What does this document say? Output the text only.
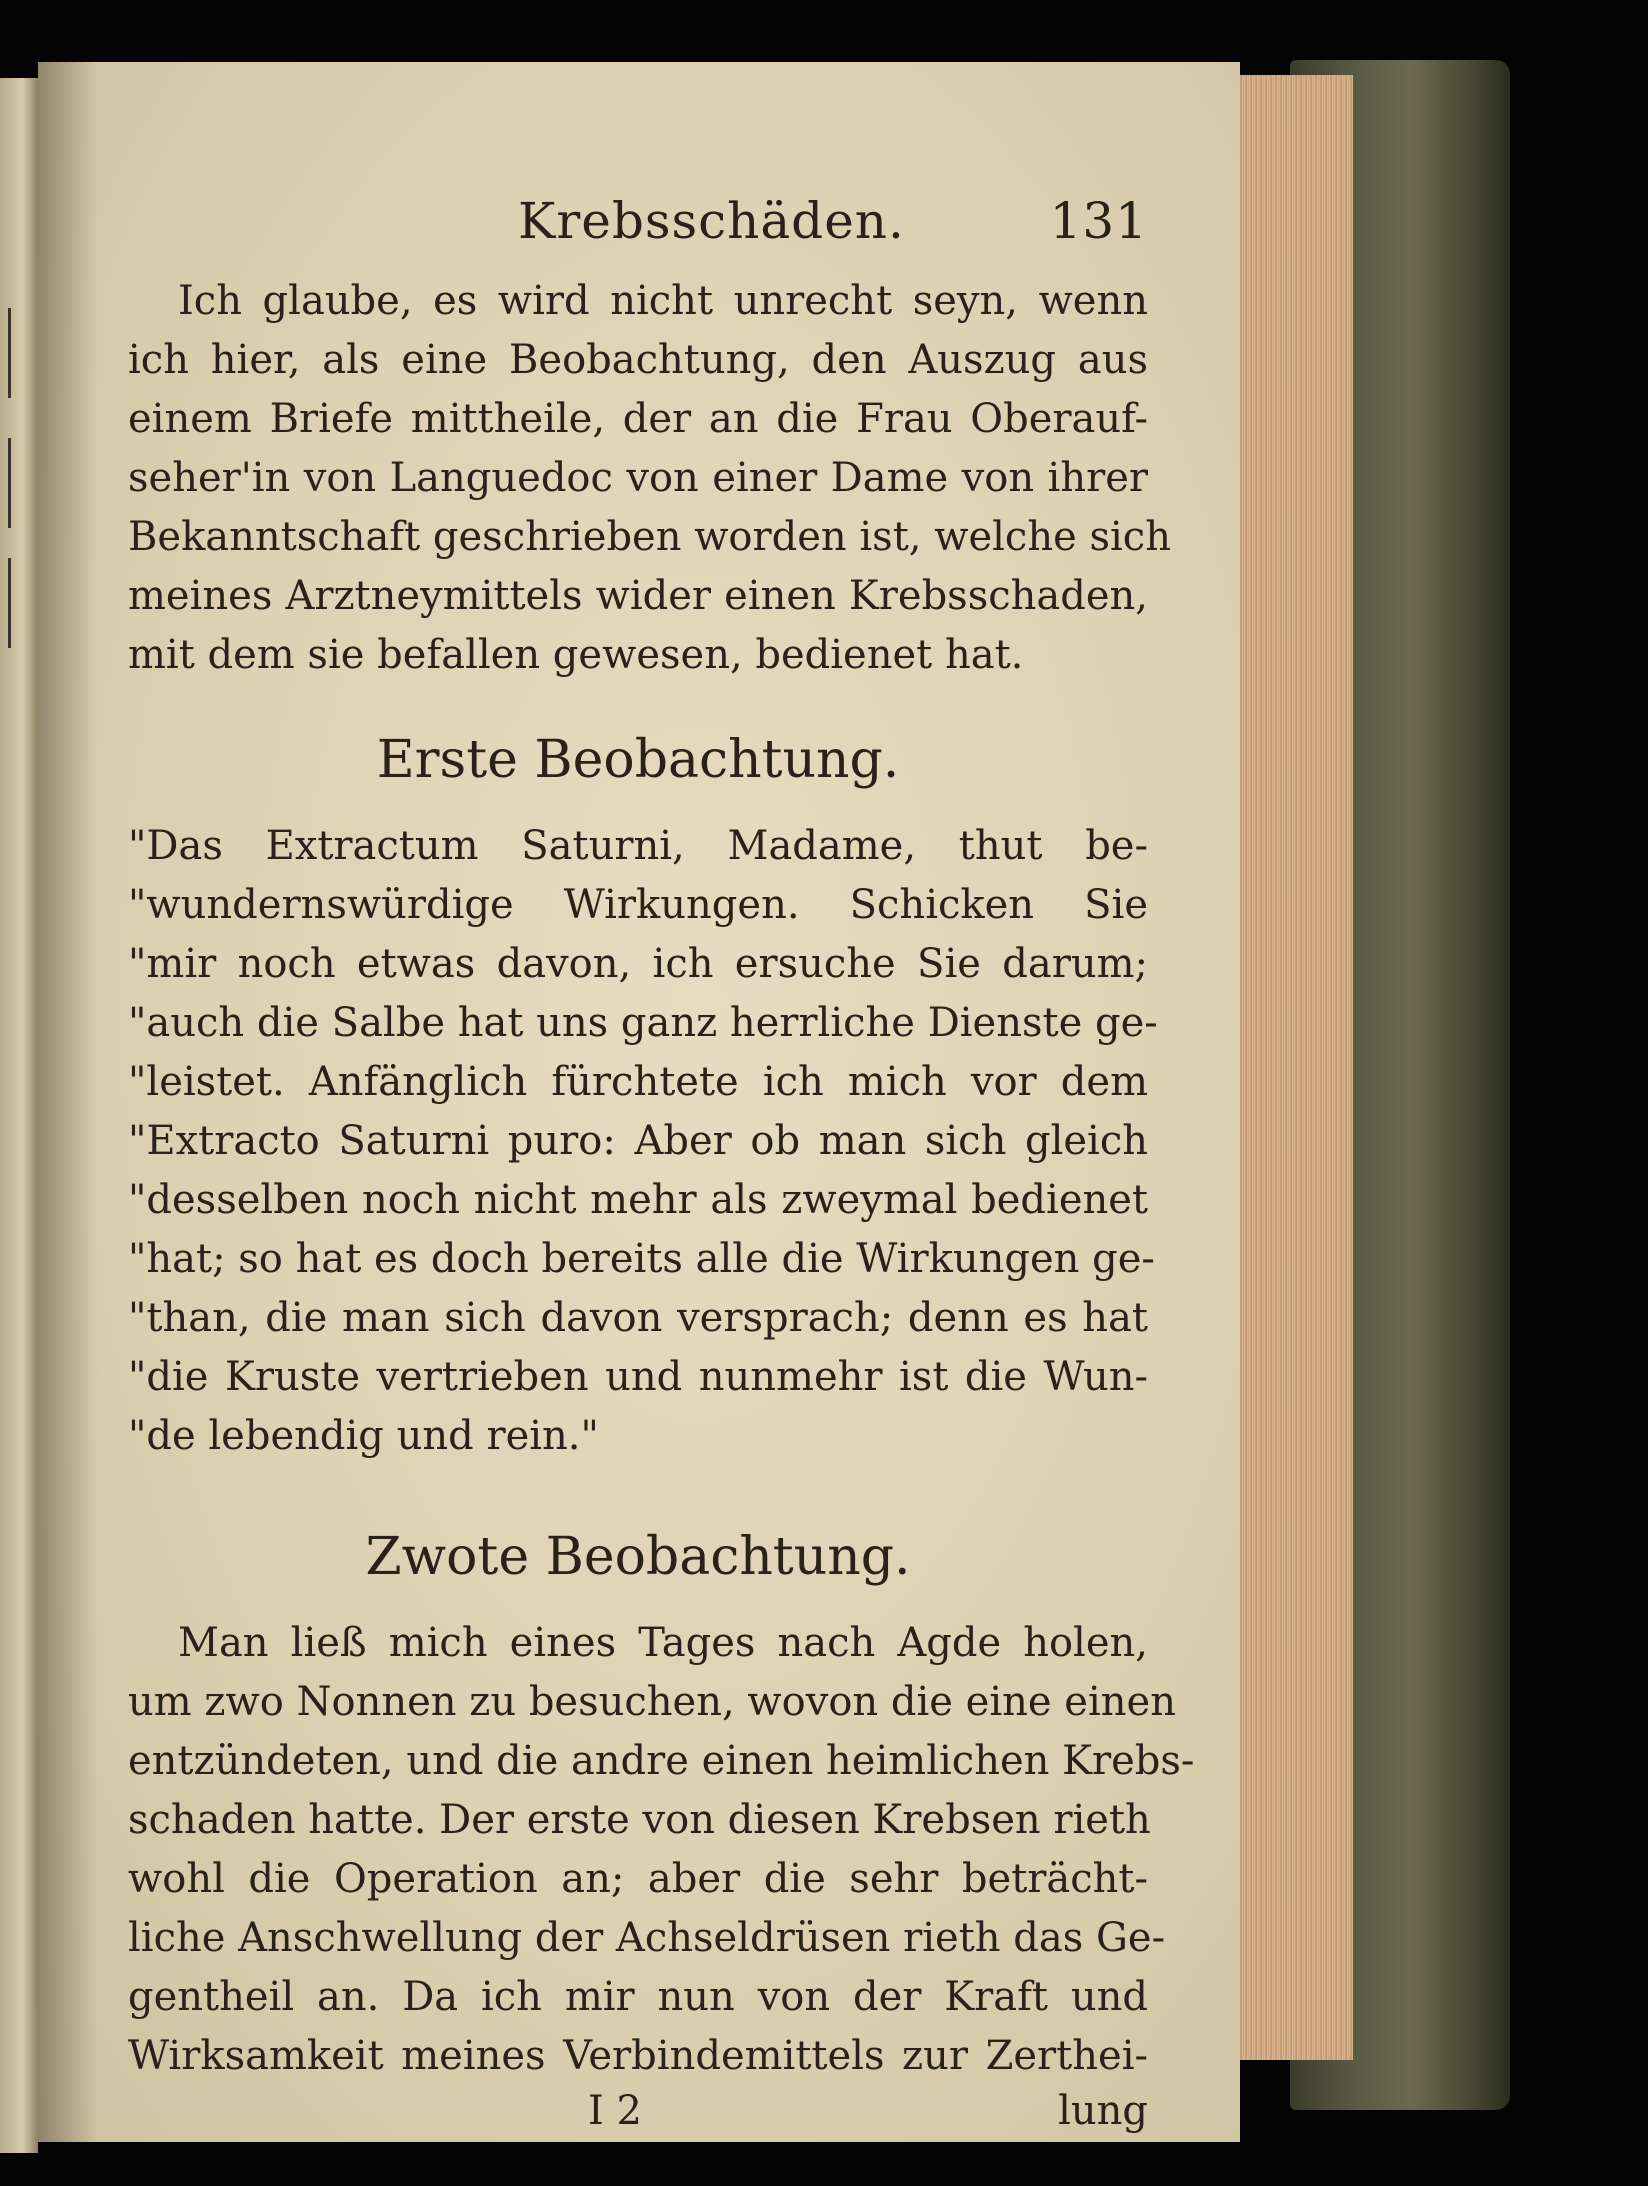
Krebsschäden.	131
Ich glaube, es wird nicht unrecht seyn, wenn
ich hier, als eine Beobachtung, den Auszug aus
einem Briefe mittheile, der an die Frau Oberauf-
seher'in von Languedoc von einer Dame von ihrer
Bekanntschaft geschrieben worden ist, welche sich
meines Arztneymittels wider einen Krebsschaden,
mit dem sie befallen gewesen, bedienet hat.
Erste Beobachtung.
"Das Extractum Saturni, Madame, thut be-
"wundernswürdige Wirkungen. Schicken Sie
"mir noch etwas davon, ich ersuche Sie darum;
"auch die Salbe hat uns ganz herrliche Dienste ge-
"leistet. Anfänglich fürchtete ich mich vor dem
"Extracto Saturni puro: Aber ob man sich gleich
"desselben noch nicht mehr als zweymal bedienet
"hat; so hat es doch bereits alle die Wirkungen ge-
"than, die man sich davon versprach; denn es hat
"die Kruste vertrieben und nunmehr ist die Wun-
"de lebendig und rein."
Zwote Beobachtung.
Man ließ mich eines Tages nach Agde holen,
um zwo Nonnen zu besuchen, wovon die eine einen
entzündeten, und die andre einen heimlichen Krebs-
schaden hatte. Der erste von diesen Krebsen rieth
wohl die Operation an; aber die sehr beträcht-
liche Anschwellung der Achseldrüsen rieth das Ge-
gentheil an. Da ich mir nun von der Kraft und
Wirksamkeit meines Verbindemittels zur Zerthei-
I 2	lung
